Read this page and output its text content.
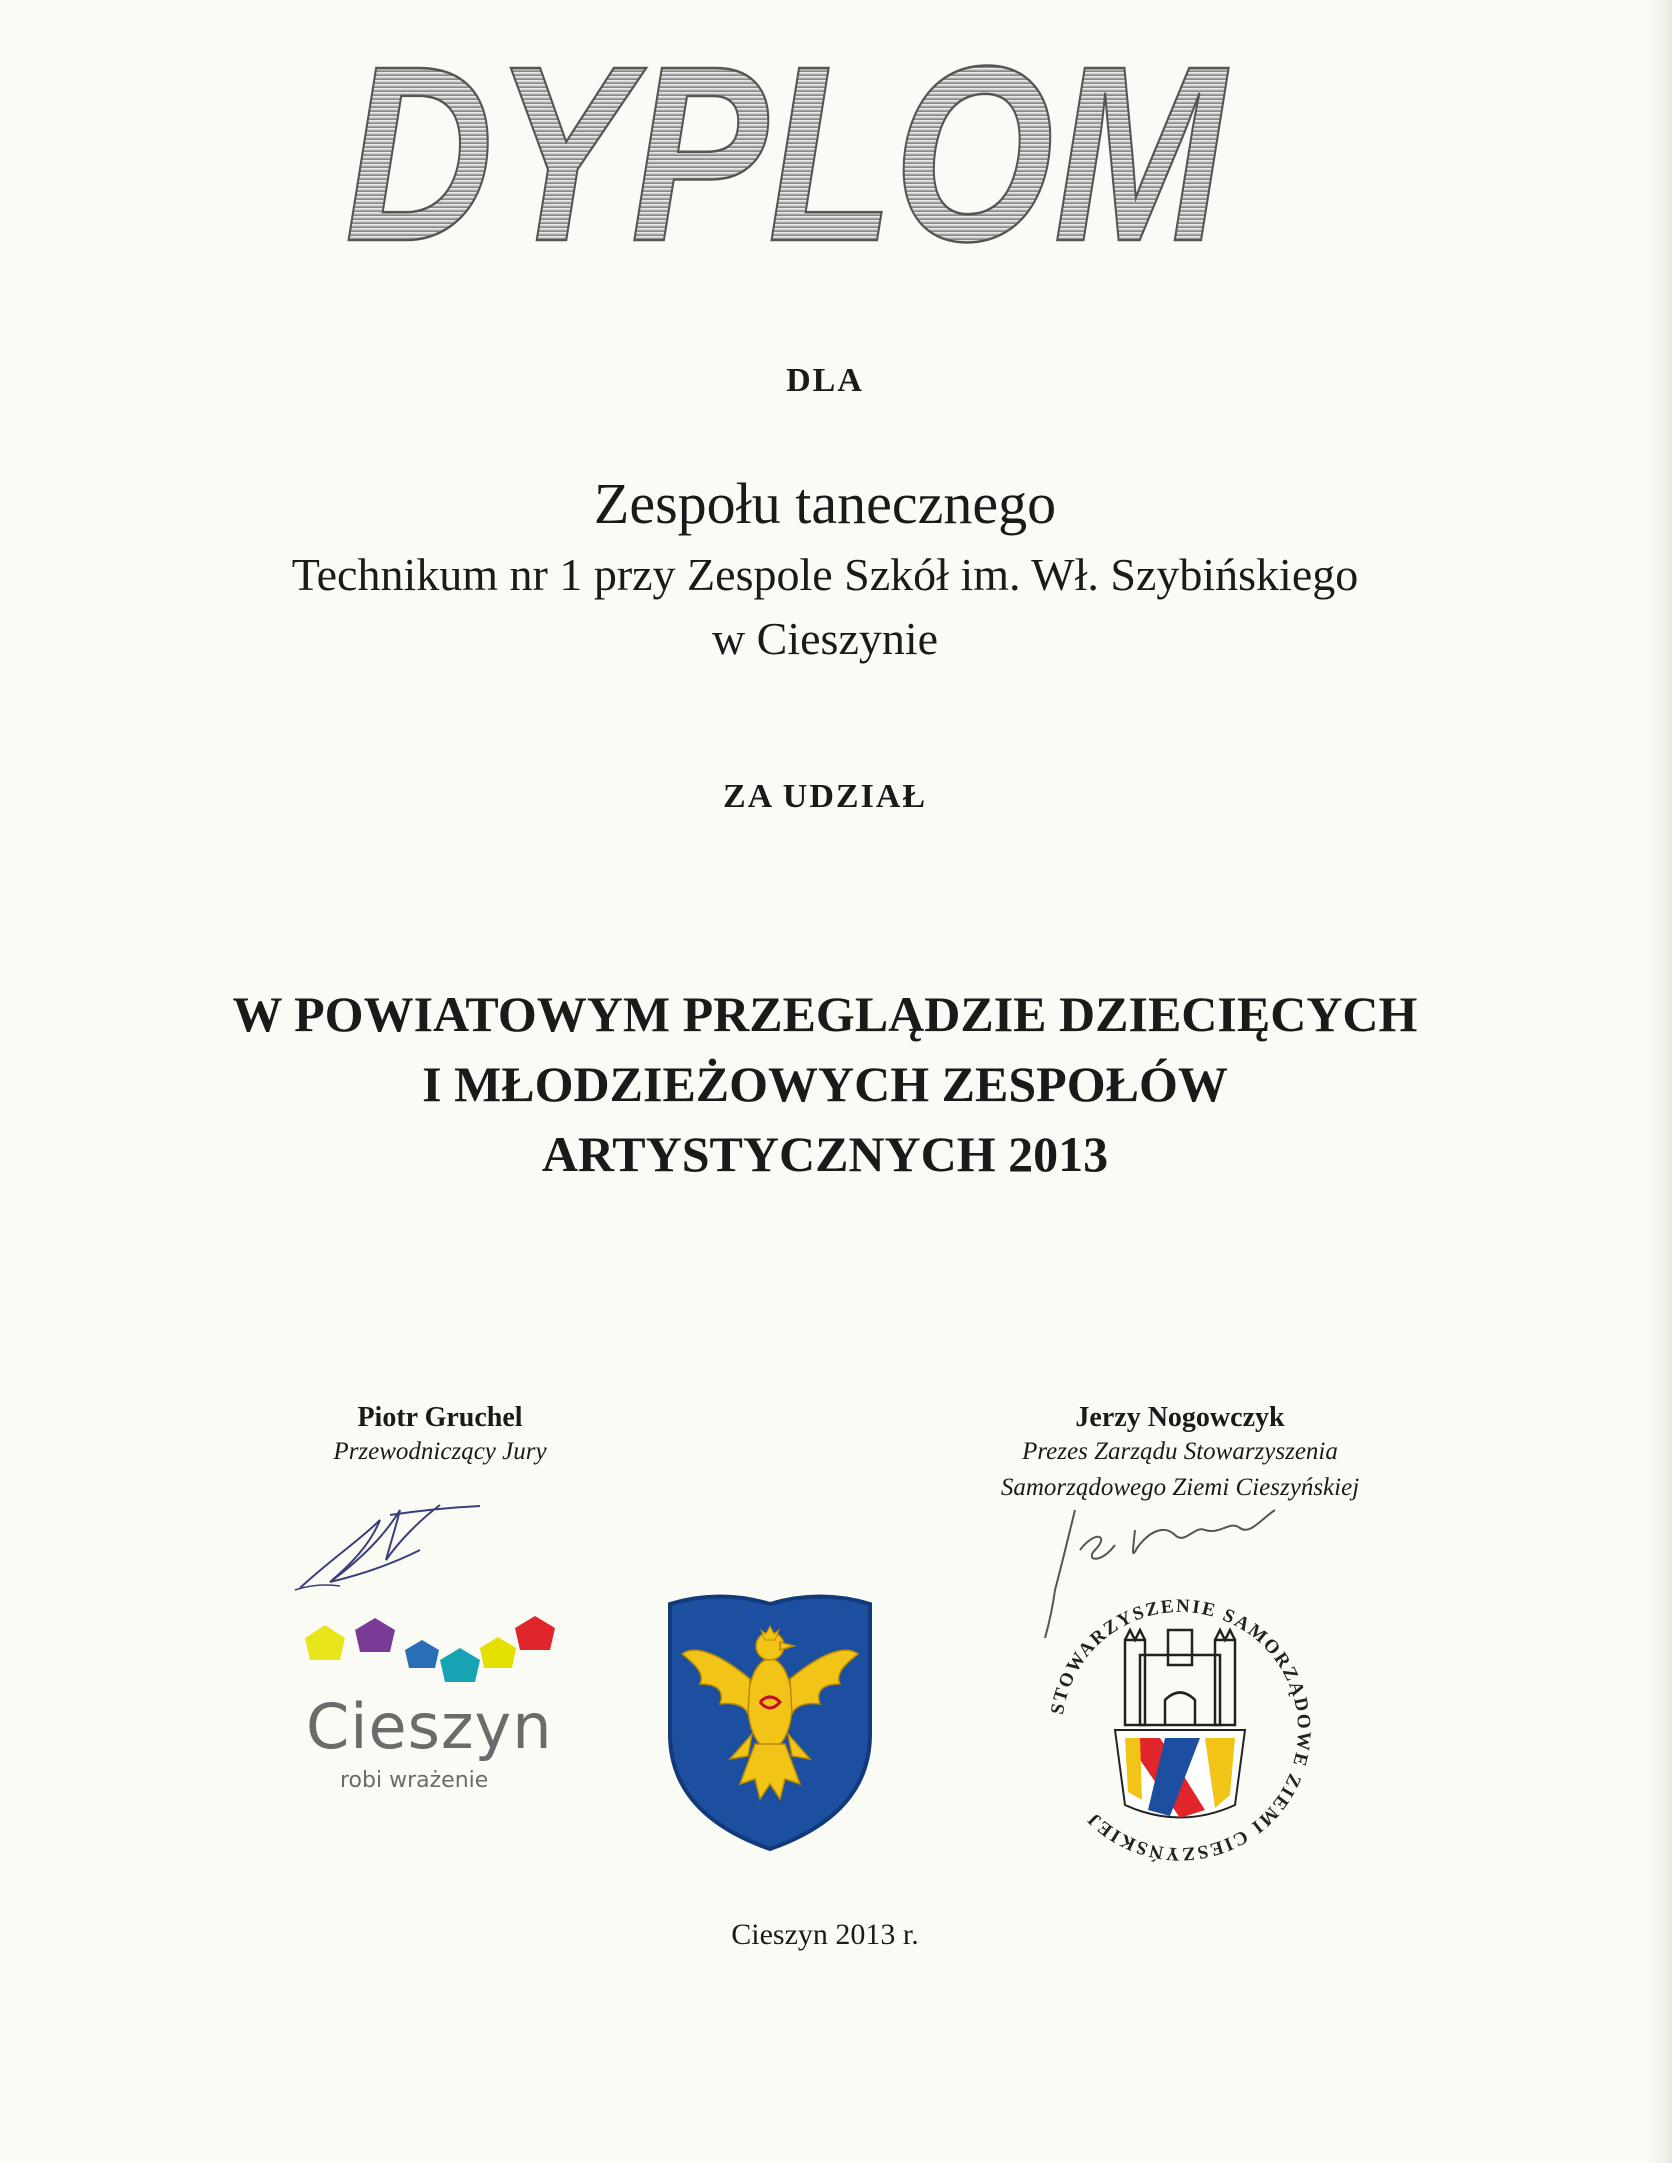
DYPLOM
DLA
Zespołu tanecznego
Technikum nr 1 przy Zespole Szkół im. Wł. Szybińskiego
w Cieszynie
ZA UDZIAŁ
W POWIATOWYM PRZEGLĄDZIE DZIECIĘCYCH
I MŁODZIEŻOWYCH ZESPOŁÓW
ARTYSTYCZNYCH 2013
Piotr Gruchel
Przewodniczący Jury
Jerzy Nogowczyk
Prezes Zarządu Stowarzyszenia
Samorządowego Ziemi Cieszyńskiej
Cieszyn
robi wrażenie
STOWARZYSZENIE SAMORZĄDOWE ZIEMI CIESZYŃSKIEJ
Cieszyn 2013 r.
